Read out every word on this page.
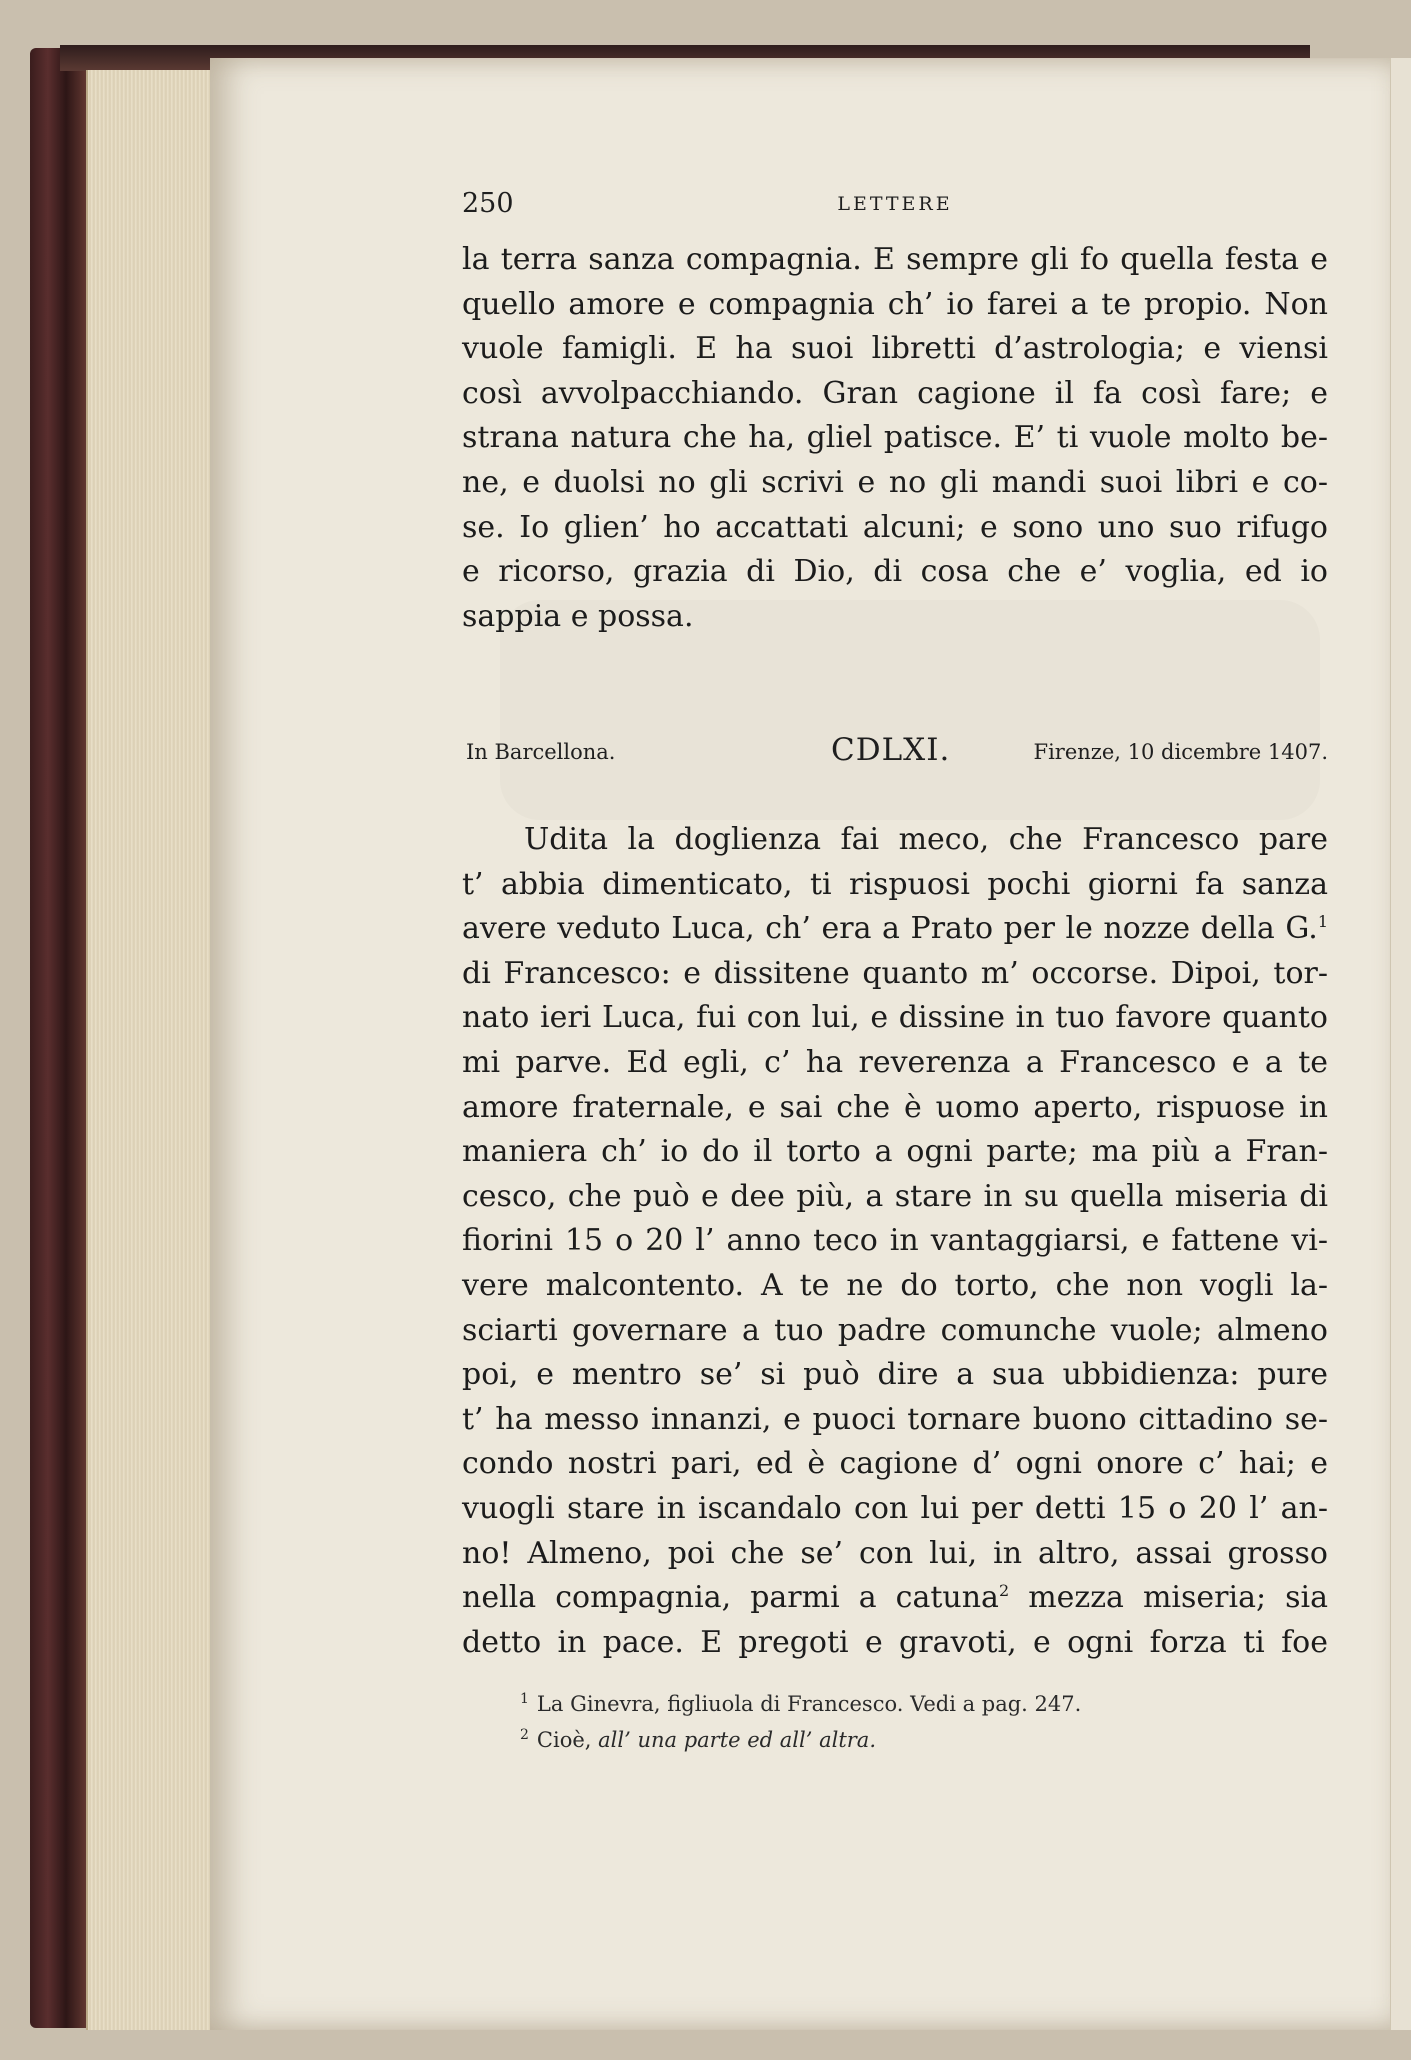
250	LETTERE
la terra sanza compagnia. E sempre gli fo quella festa e
quello amore e compagnia ch’ io farei a te propio. Non
vuole famigli. E ha suoi libretti d’astrologia; e viensi
così avvolpacchiando. Gran cagione il fa così fare; e
strana natura che ha, gliel patisce. E’ ti vuole molto be-
ne, e duolsi no gli scrivi e no gli mandi suoi libri e co-
se. Io glien’ ho accattati alcuni; e sono uno suo rifugo
e ricorso, grazia di Dio, di cosa che e’ voglia, ed io
sappia e possa.
In Barcellona.	CDLXI.	Firenze, 10 dicembre 1407.
Udita la doglienza fai meco, che Francesco pare
t’ abbia dimenticato, ti rispuosi pochi giorni fa sanza
avere veduto Luca, ch’ era a Prato per le nozze della G.$^1$
di Francesco: e dissitene quanto m’ occorse. Dipoi, tor-
nato ieri Luca, fui con lui, e dissine in tuo favore quanto
mi parve. Ed egli, c’ ha reverenza a Francesco e a te
amore fraternale, e sai che è uomo aperto, rispuose in
maniera ch’ io do il torto a ogni parte; ma più a Fran-
cesco, che può e dee più, a stare in su quella miseria di
fiorini 15 o 20 l’ anno teco in vantaggiarsi, e fattene vi-
vere malcontento. A te ne do torto, che non vogli la-
sciarti governare a tuo padre comunche vuole; almeno
poi, e mentro se’ si può dire a sua ubbidienza: pure
t’ ha messo innanzi, e puoci tornare buono cittadino se-
condo nostri pari, ed è cagione d’ ogni onore c’ hai; e
vuogli stare in iscandalo con lui per detti 15 o 20 l’ an-
no! Almeno, poi che se’ con lui, in altro, assai grosso
nella compagnia, parmi a catuna$^2$ mezza miseria; sia
detto in pace. E pregoti e gravoti, e ogni forza ti foe
$^1$ La Ginevra, figliuola di Francesco. Vedi a pag. 247.
$^2$ Cioè, all’ una parte ed all’ altra.
